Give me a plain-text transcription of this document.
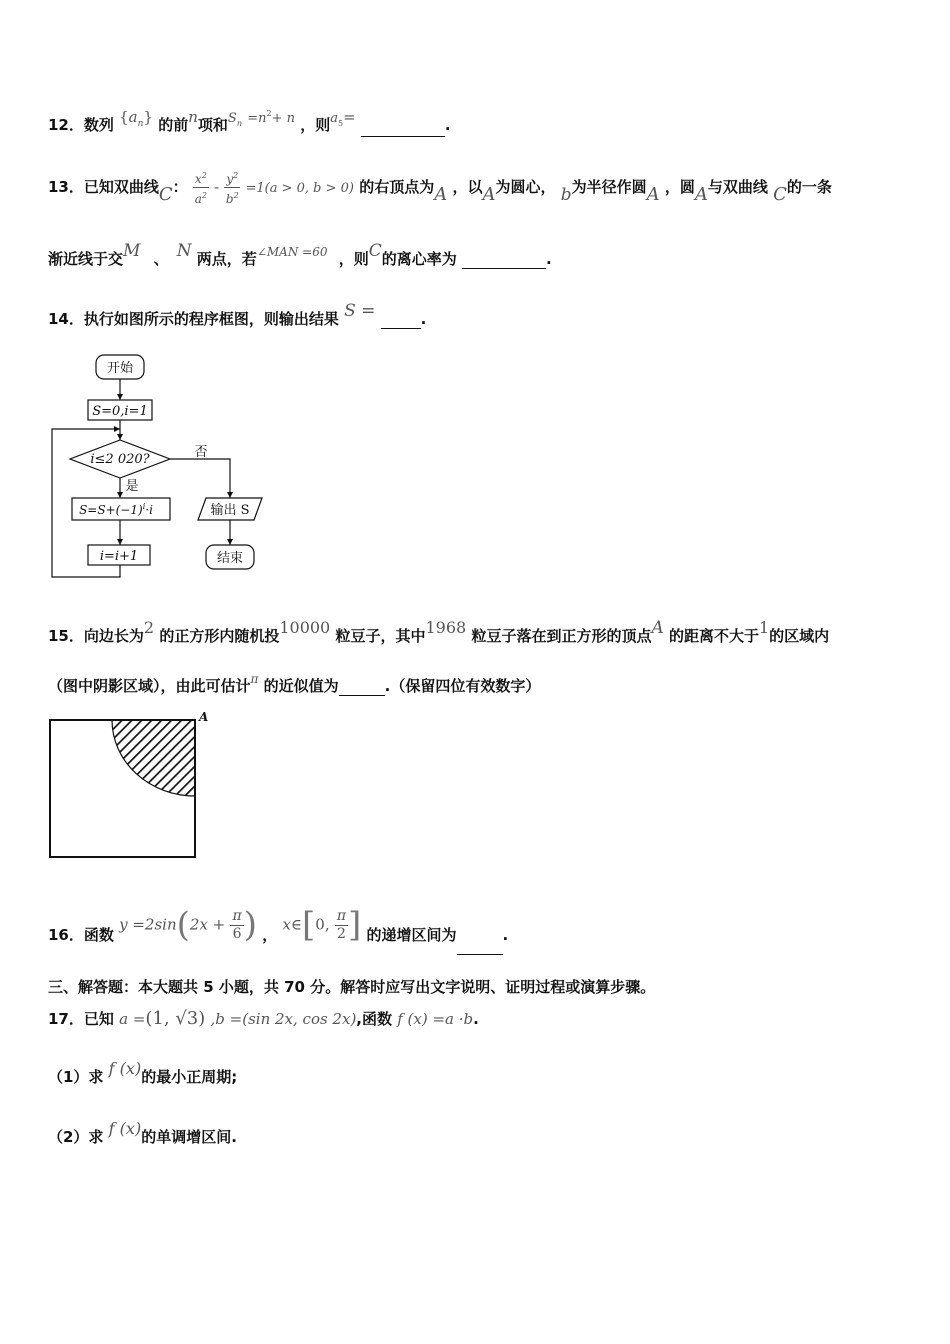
12．数列 $\{a_n\}$ 的前n项和$S_n =n^2+ n$ ，则$a_5=$	.
13．已知双曲线C： $\frac{x^2}{a^2} - \frac{y^2}{b^2} =1(a > 0$, b > 0) 的右顶点为A ，以A为圆心， b为半径作圆A ，圆A与双曲线 C的一条
渐近线于交M 、 N 两点，若$^{\angle MAN =60}$ ，则C的离心率为	.
14．执行如图所示的程序框图，则输出结果 S =	.
开始
S=0,i=1
i≤2 020?	否
是
$S=S+(-1)^i\cdot i$	输出 S
i=i+1	结束
15．向边长为2 的正方形内随机投10000 粒豆子，其中1968 粒豆子落在到正方形的顶点A 的距离不大于1的区域内
（图中阴影区域），由此可估计$^\pi$ 的近似值为	.（保留四位有效数字）
A
16．函数 $y =2\sin(2x + \frac{\pi}{6}$ ) ， x∈[0, $\frac{\pi}{2}$ ] 的递增区间为	.
三、解答题：本大题共 5 小题，共 70 分。解答时应写出文字说明、证明过程或演算步骤。
17．已知 a =(1, √3) ,b =(sin 2x, cos 2x),函数 f (x) =a ·b.
（1）求 f (x)的最小正周期;
（2）求 f (x)的单调增区间.
